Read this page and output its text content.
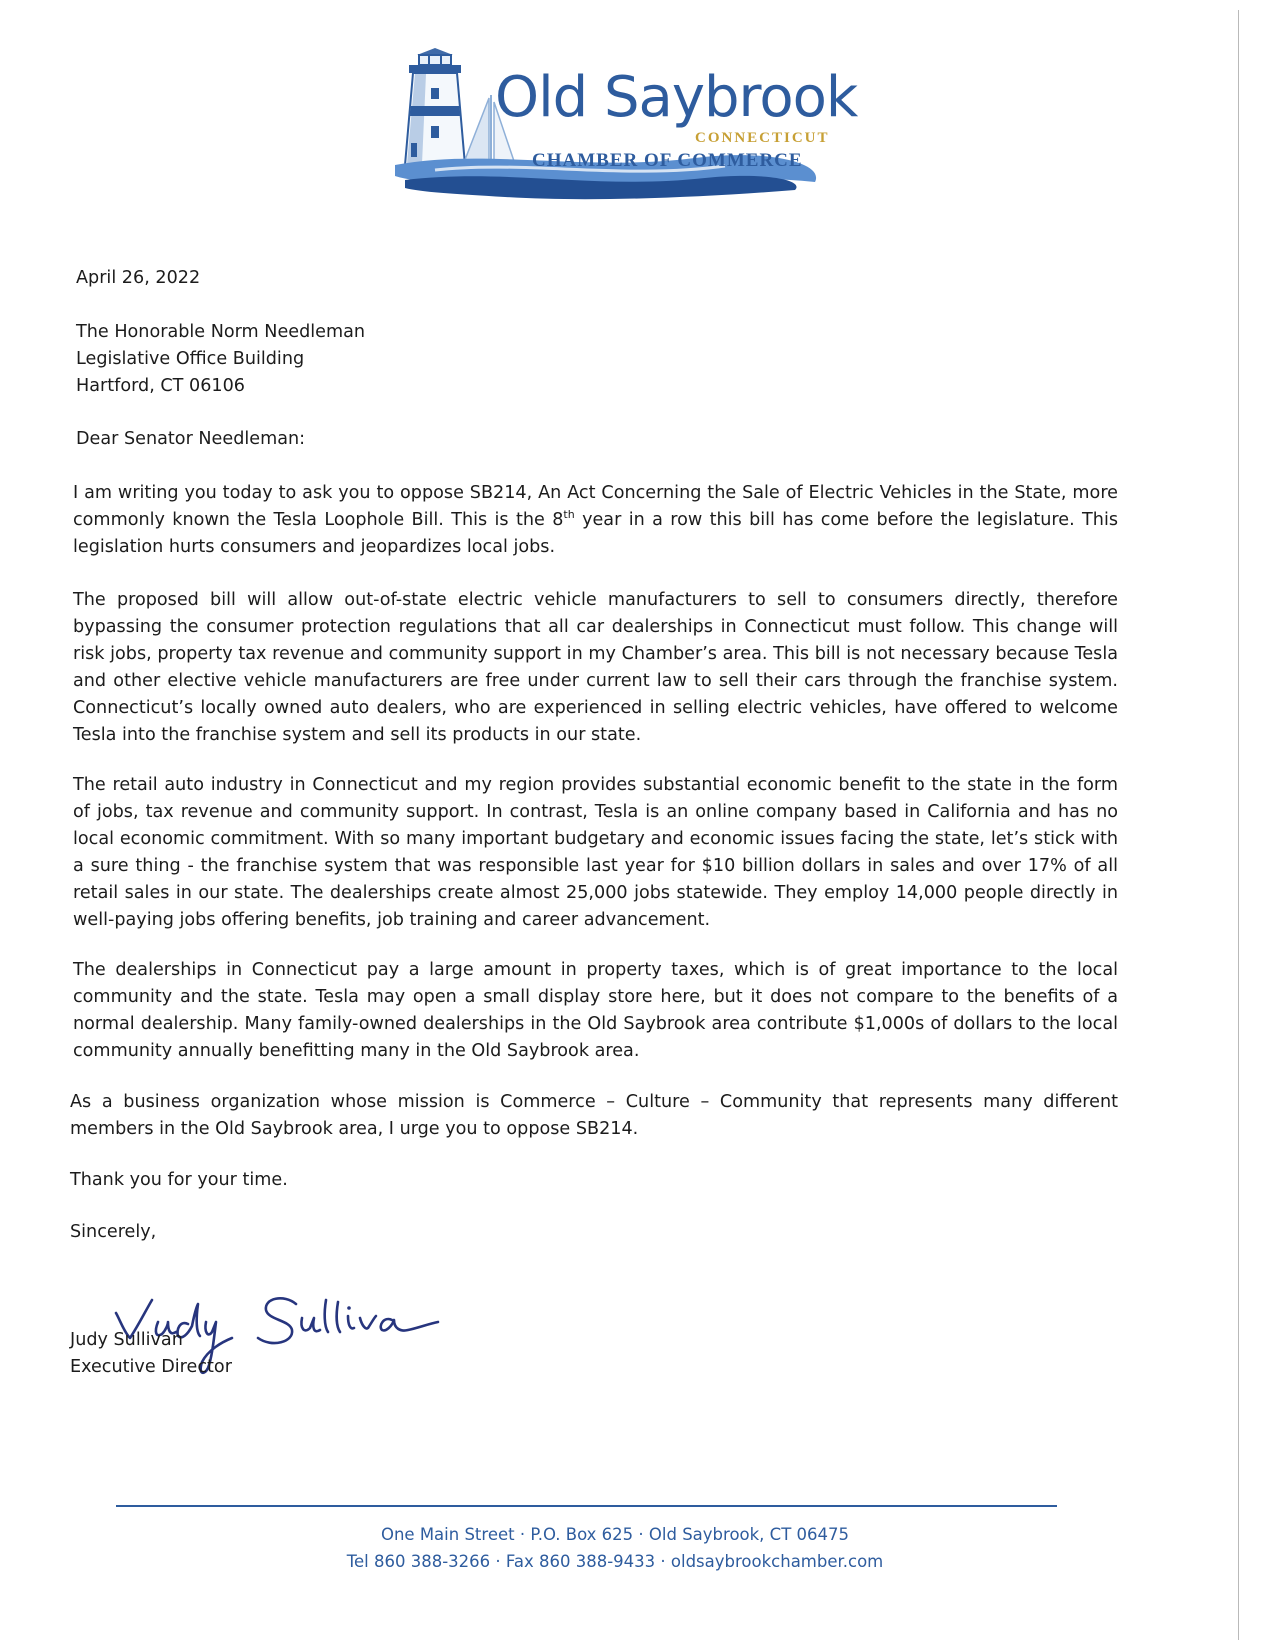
Old Saybrook
CONNECTICUT
CHAMBER OF COMMERCE
April 26, 2022
The Honorable Norm Needleman
Legislative Office Building
Hartford, CT 06106
Dear Senator Needleman:

I am writing you today to ask you to oppose SB214, An Act Concerning the Sale of Electric Vehicles in the State, more commonly known the Tesla Loophole Bill. This is the 8th year in a row this bill has come before the legislature. This legislation hurts consumers and jeopardizes local jobs.

The proposed bill will allow out-of-state electric vehicle manufacturers to sell to consumers directly, therefore bypassing the consumer protection regulations that all car dealerships in Connecticut must follow. This change will risk jobs, property tax revenue and community support in my Chamber’s area. This bill is not necessary because Tesla and other elective vehicle manufacturers are free under current law to sell their cars through the franchise system. Connecticut’s locally owned auto dealers, who are experienced in selling electric vehicles, have offered to welcome Tesla into the franchise system and sell its products in our state.

The retail auto industry in Connecticut and my region provides substantial economic benefit to the state in the form of jobs, tax revenue and community support. In contrast, Tesla is an online company based in California and has no local economic commitment. With so many important budgetary and economic issues facing the state, let’s stick with a sure thing - the franchise system that was responsible last year for $10 billion dollars in sales and over 17% of all retail sales in our state. The dealerships create almost 25,000 jobs statewide. They employ 14,000 people directly in well-paying jobs offering benefits, job training and career advancement.

The dealerships in Connecticut pay a large amount in property taxes, which is of great importance to the local community and the state. Tesla may open a small display store here, but it does not compare to the benefits of a normal dealership. Many family-owned dealerships in the Old Saybrook area contribute $1,000s of dollars to the local community annually benefitting many in the Old Saybrook area.

As a business organization whose mission is Commerce – Culture – Community that represents many different members in the Old Saybrook area, I urge you to oppose SB214.

Thank you for your time.
Sincerely,
Judy Sullivan
Executive Director
One Main Street · P.O. Box 625 · Old Saybrook, CT 06475
Tel 860 388-3266 · Fax 860 388-9433 · oldsaybrookchamber.com
